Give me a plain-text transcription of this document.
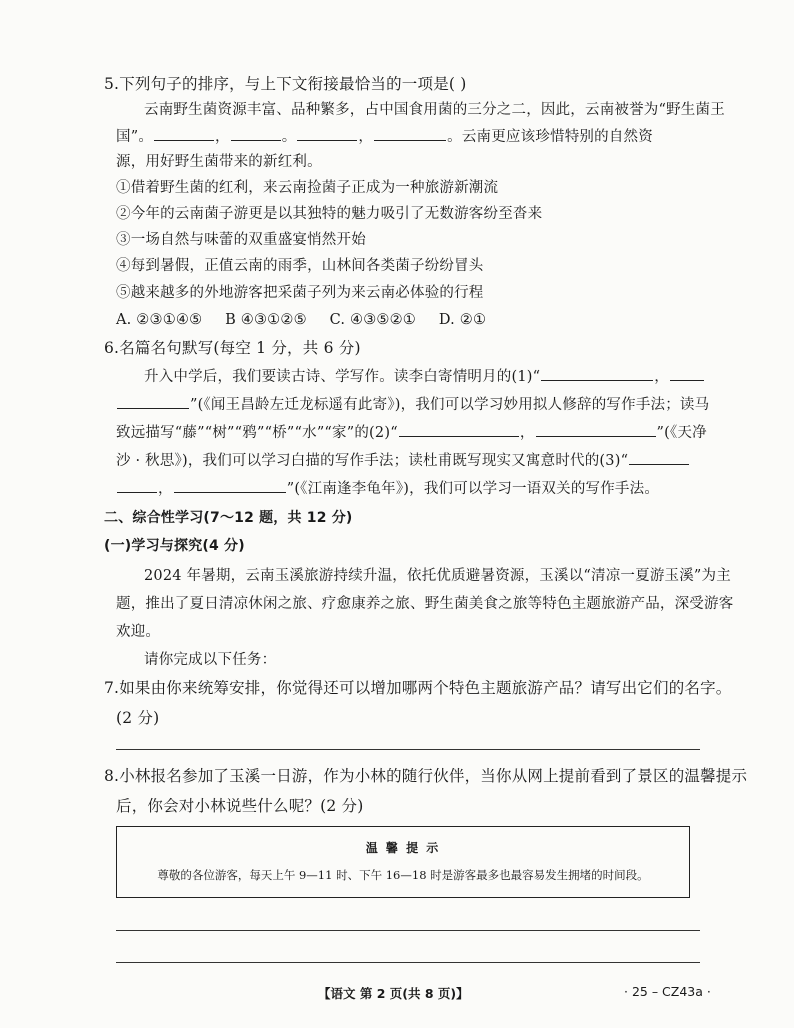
5.下列句子的排序，与上下文衔接最恰当的一项是( )
云南野生菌资源丰富、品种繁多，占中国食用菌的三分之二，因此，云南被誉为“野生菌王
国”。	，	。	，	。云南更应该珍惜特别的自然资
源，用好野生菌带来的新红利。
①借着野生菌的红利，来云南捡菌子正成为一种旅游新潮流
②今年的云南菌子游更是以其独特的魅力吸引了无数游客纷至沓来
③一场自然与味蕾的双重盛宴悄然开始
④每到暑假，正值云南的雨季，山林间各类菌子纷纷冒头
⑤越来越多的外地游客把采菌子列为来云南必体验的行程
A. ②③①④⑤ B ④③①②⑤ C. ④③⑤②① D. ②①
6.名篇名句默写(每空 1 分，共 6 分)
升入中学后，我们要读古诗、学写作。读李白寄情明月的(1)“	，
”(《闻王昌龄左迁龙标遥有此寄》)，我们可以学习妙用拟人修辞的写作手法；读马
致远描写“藤”“树”“鸦”“桥”“水”“家”的(2)“	，	”(《天净
沙 · 秋思》)，我们可以学习白描的写作手法；读杜甫既写现实又寓意时代的(3)“
，	”(《江南逢李龟年》)，我们可以学习一语双关的写作手法。
二、综合性学习(7～12 题，共 12 分)
(一)学习与探究(4 分)
2024 年暑期，云南玉溪旅游持续升温，依托优质避暑资源，玉溪以“清凉一夏游玉溪”为主
题，推出了夏日清凉休闲之旅、疗愈康养之旅、野生菌美食之旅等特色主题旅游产品，深受游客
欢迎。
请你完成以下任务：
7.如果由你来统筹安排，你觉得还可以增加哪两个特色主题旅游产品？请写出它们的名字。
(2 分)
8.小林报名参加了玉溪一日游，作为小林的随行伙伴，当你从网上提前看到了景区的温馨提示
后，你会对小林说些什么呢？(2 分)
温 馨 提 示
尊敬的各位游客，每天上午 9—11 时、下午 16—18 时是游客最多也最容易发生拥堵的时间段。
【语文 第 2 页(共 8 页)】	· 25 – CZ43a ·
